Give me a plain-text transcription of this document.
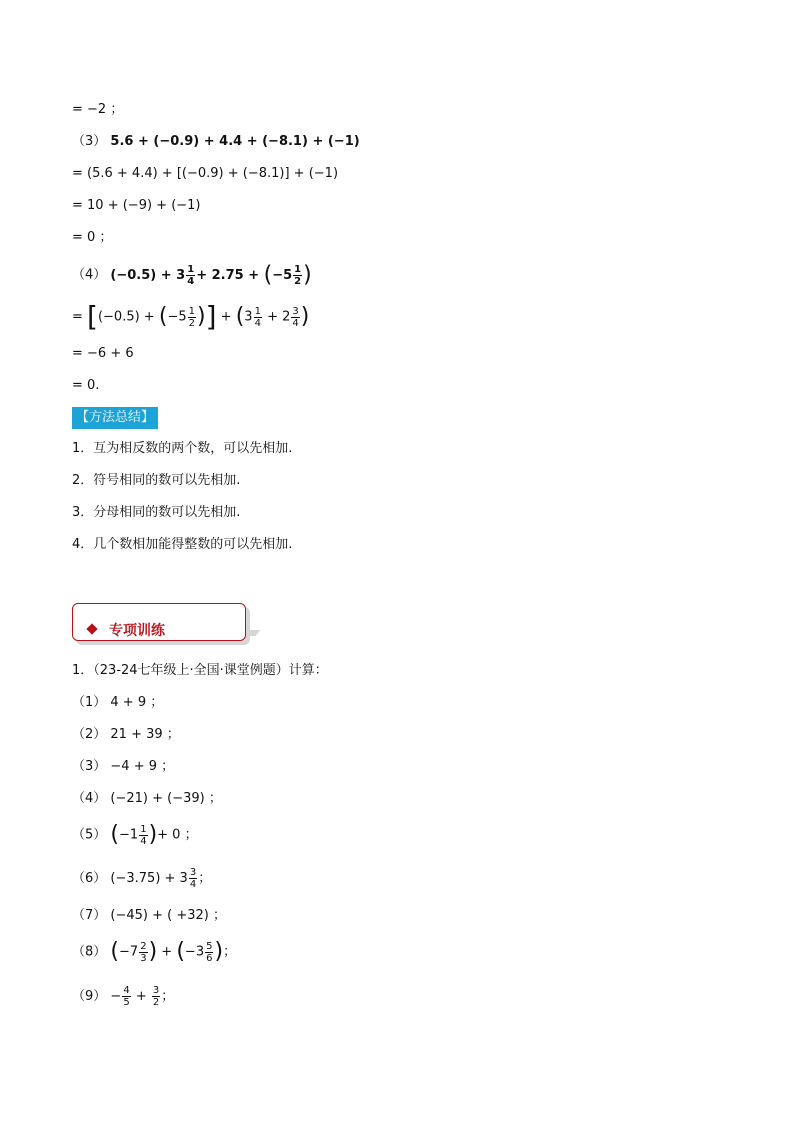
= −2 ；
（3） 5.6 + (−0.9) + 4.4 + (−8.1) + (−1)
= (5.6 + 4.4) + [(−0.9) + (−8.1)] + (−1)
= 10 + (−9) + (−1)
= 0 ；
（4） $(-0.5) + 3 \frac{1}{4} + 2.75 + (-5 \frac{1}{2}$ )
= [$(-0.5) + (-5 \frac{1}{2}$ )] + ($3 \frac{1}{4} + 2 \frac{3}{4}$ )
= −6 + 6
= 0.
【方法总结】
1．互为相反数的两个数，可以先相加.
2．符号相同的数可以先相加.
3．分母相同的数可以先相加.
4．几个数相加能得整数的可以先相加.
专项训练
1．（23-24七年级上·全国·课堂例题）计算：
（1） 4 + 9 ；
（2） 21 + 39 ；
（3） −4 + 9 ；
（4） (−21) + (−39) ；
（5） ($-1 \frac{1}{4}$ )+ 0 ；
（6） $(-3.75) + 3 \frac{3}{4}$ ；
（7） (−45) + ( +32) ；
（8） ($-7 \frac{2}{3}$ ) + ($-3 \frac{5}{6}$ )；
$(9) - \frac{4}{5} + \frac{3}{2}$ ；
